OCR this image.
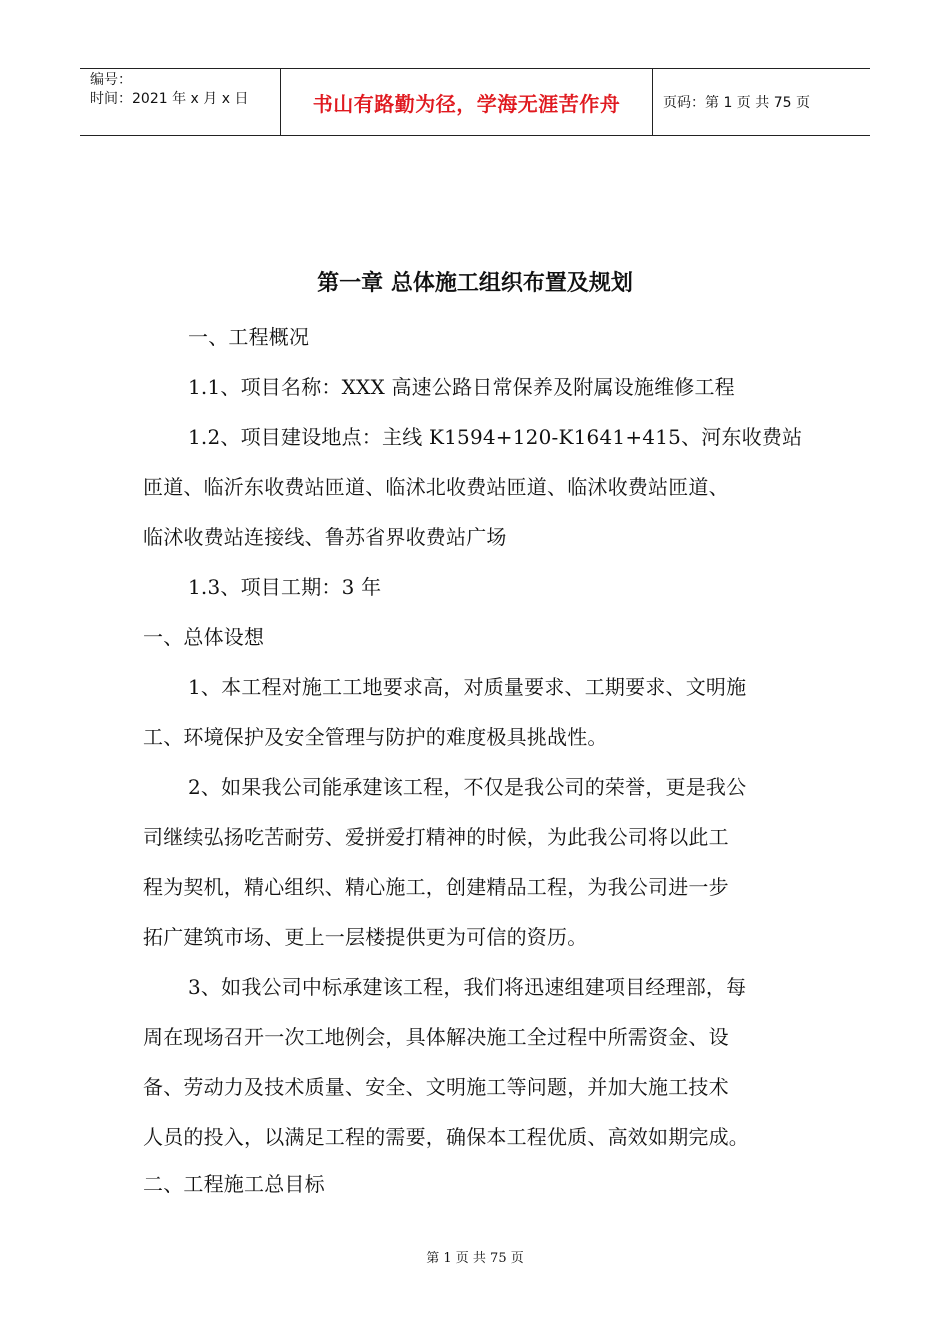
编号：
时间：2021 年 x 月 x 日	书山有路勤为径，学海无涯苦作舟	页码：第 1 页 共 75 页
第一章 总体施工组织布置及规划
一、工程概况
1.1、项目名称：XXX 高速公路日常保养及附属设施维修工程
1.2、项目建设地点：主线 K1594+120-K1641+415、河东收费站
匝道、临沂东收费站匝道、临沭北收费站匝道、临沭收费站匝道、
临沭收费站连接线、鲁苏省界收费站广场
1.3、项目工期：3 年
一、总体设想
1、本工程对施工工地要求高，对质量要求、工期要求、文明施
工、环境保护及安全管理与防护的难度极具挑战性。
2、如果我公司能承建该工程，不仅是我公司的荣誉，更是我公
司继续弘扬吃苦耐劳、爱拼爱打精神的时候，为此我公司将以此工
程为契机，精心组织、精心施工，创建精品工程，为我公司进一步
拓广建筑市场、更上一层楼提供更为可信的资历。
3、如我公司中标承建该工程，我们将迅速组建项目经理部，每
周在现场召开一次工地例会，具体解决施工全过程中所需资金、设
备、劳动力及技术质量、安全、文明施工等问题，并加大施工技术
人员的投入，以满足工程的需要，确保本工程优质、高效如期完成。
二、工程施工总目标
第 1 页 共 75 页
